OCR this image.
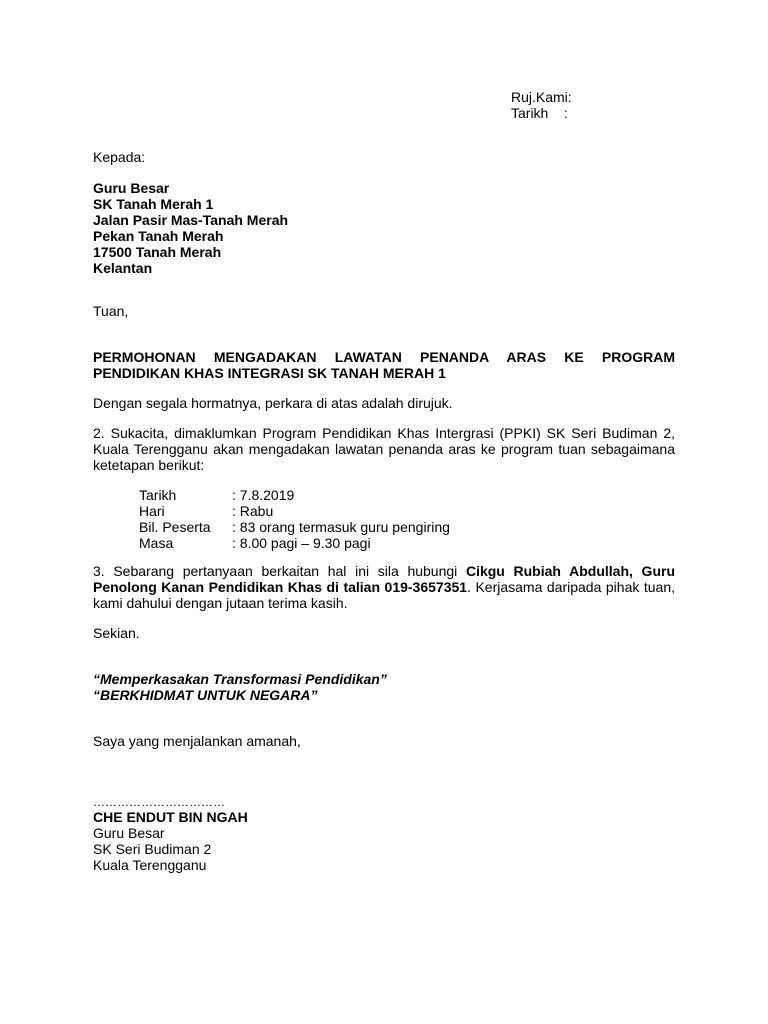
Ruj.Kami:
Tarikh    :
Kepada:
Guru Besar
SK Tanah Merah 1
Jalan Pasir Mas-Tanah Merah
Pekan Tanah Merah
17500 Tanah Merah
Kelantan
Tuan,
PERMOHONAN MENGADAKAN LAWATAN PENANDA ARAS KE PROGRAM
PENDIDIKAN KHAS INTEGRASI SK TANAH MERAH 1
Dengan segala hormatnya, perkara di atas adalah dirujuk.
2. Sukacita, dimaklumkan Program Pendidikan Khas Intergrasi (PPKI) SK Seri Budiman 2,
Kuala Terengganu akan mengadakan lawatan penanda aras ke program tuan sebagaimana
ketetapan berikut:
Tarikh	: 7.8.2019
Hari	: Rabu
Bil. Peserta : 83 orang termasuk guru pengiring
Masa	: 8.00 pagi – 9.30 pagi
3. Sebarang pertanyaan berkaitan hal ini sila hubungi Cikgu Rubiah Abdullah, Guru
Penolong Kanan Pendidikan Khas di talian 019-3657351. Kerjasama daripada pihak tuan,
kami dahului dengan jutaan terima kasih.
Sekian.
“Memperkasakan Transformasi Pendidikan”
“BERKHIDMAT UNTUK NEGARA”
Saya yang menjalankan amanah,
……………………………
CHE ENDUT BIN NGAH
Guru Besar
SK Seri Budiman 2
Kuala Terengganu
